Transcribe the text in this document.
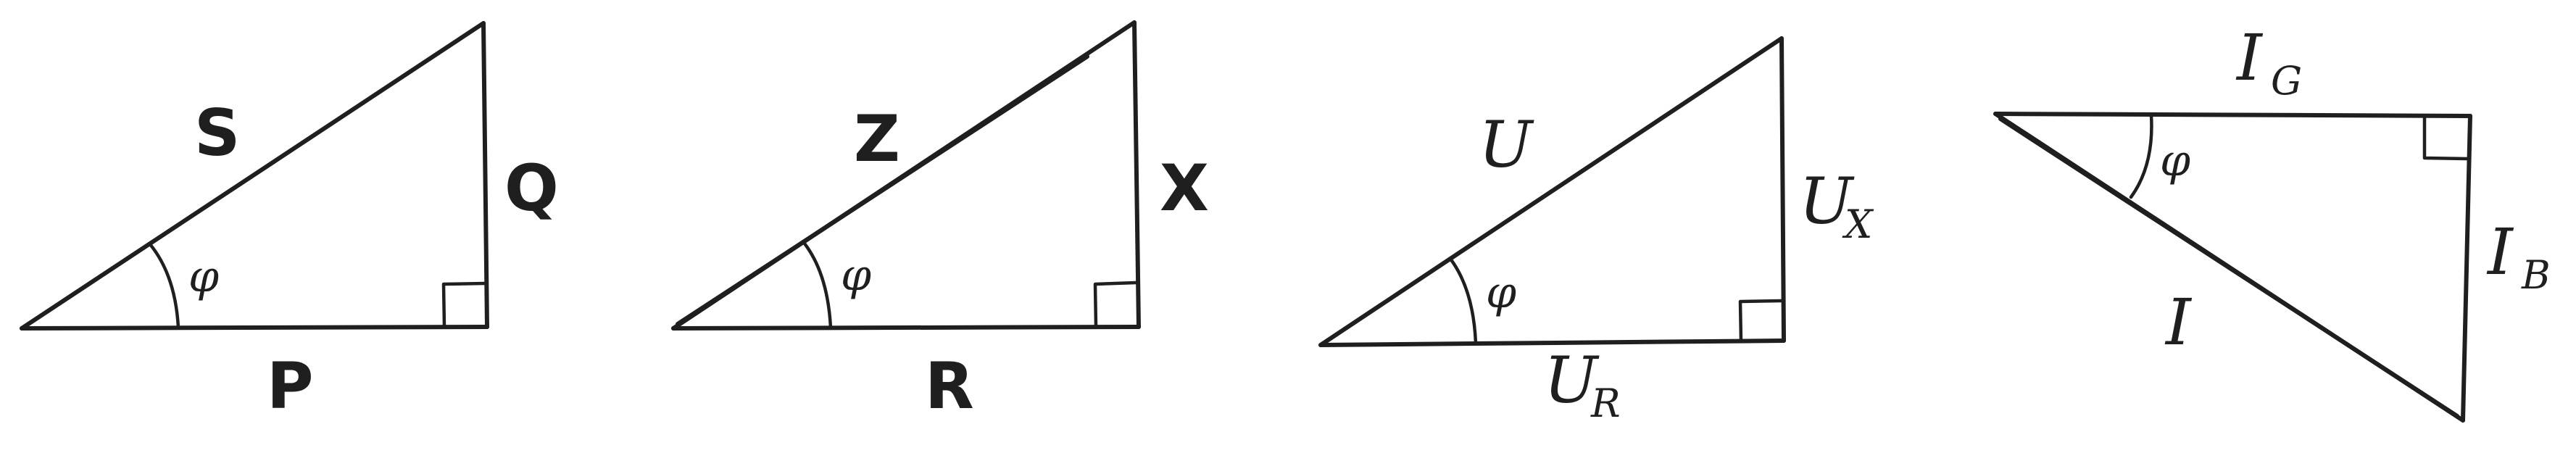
φ
S
Q
P
φ
Z
X
R
φ
U
U
X
U
R
φ
I G
I B
I
